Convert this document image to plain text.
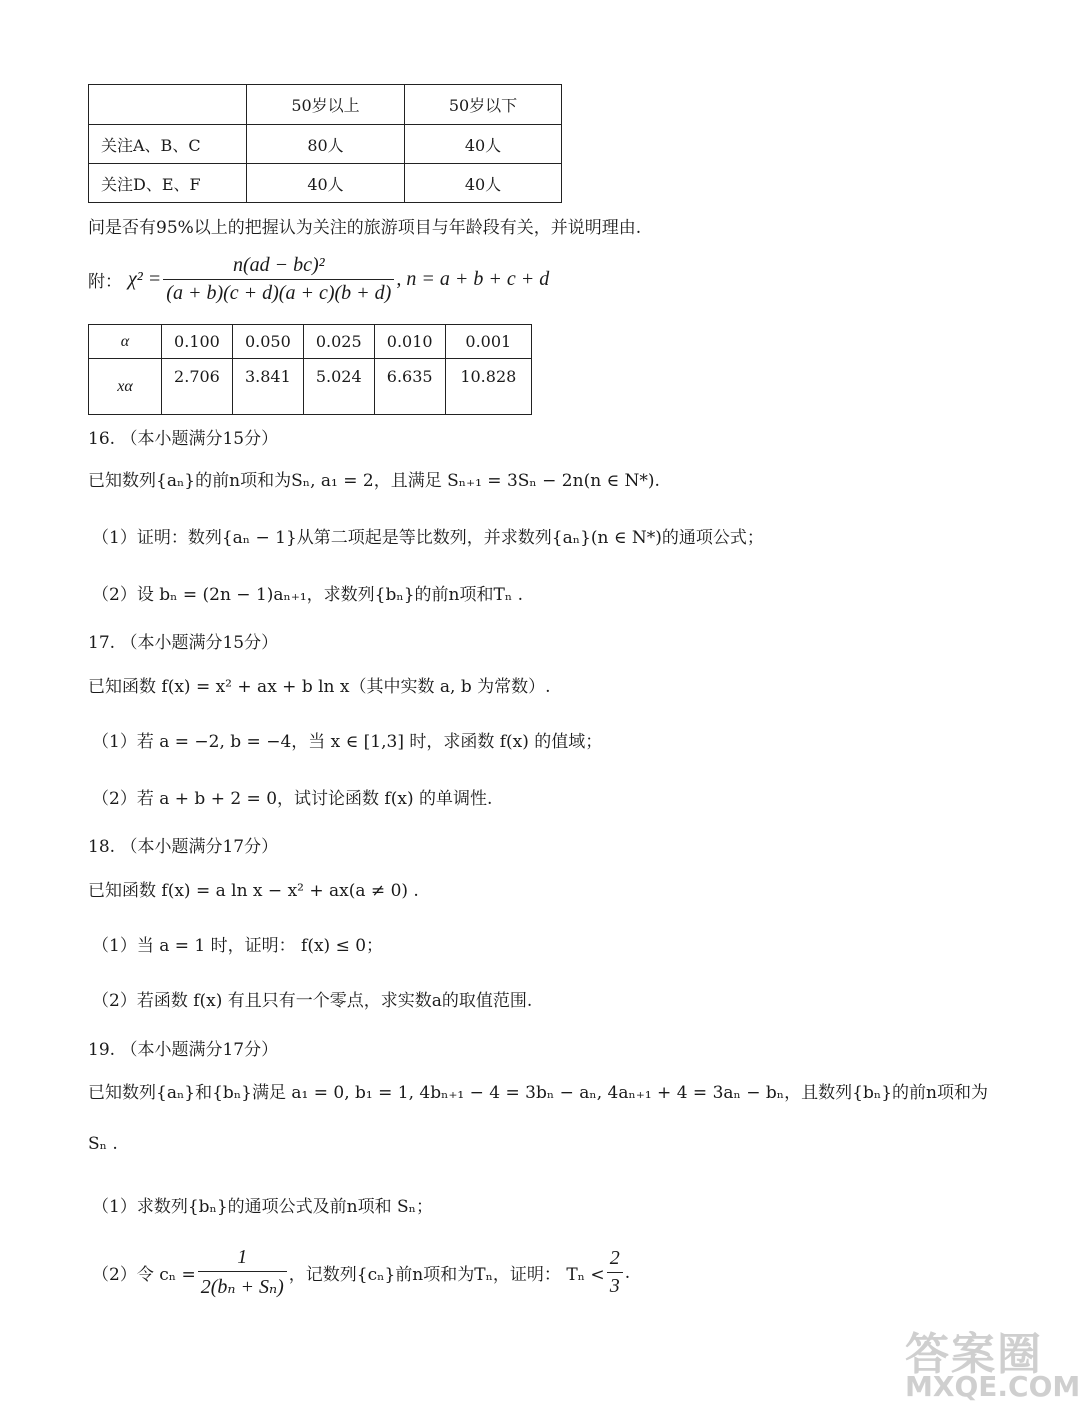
	50岁以上	50岁以下
关注A、B、C	80人	40人
关注D、E、F	40人	40人
问是否有95%以上的把握认为关注的旅游项目与年龄段有关，并说明理由.
附： $\chi^2 = \frac{\text{n(ad − bc)²}}{(a + b)(c + d)(a + c)(b + d)}$ , n = a + b + c + d
α	0.100	0.050	0.025	0.010	0.001
xα	2.706	3.841	5.024	6.635	10.828
16. （本小题满分15分）
已知数列{aₙ}的前n项和为Sₙ, a₁ = 2，且满足 Sₙ₊₁ = 3Sₙ − 2n(n ∈ N*).
（1）证明：数列{aₙ − 1}从第二项起是等比数列，并求数列{aₙ}(n ∈ N*)的通项公式；
（2）设 bₙ = (2n − 1)aₙ₊₁，求数列{bₙ}的前n项和Tₙ .
17. （本小题满分15分）
已知函数 f(x) = x² + ax + b ln x（其中实数 a, b 为常数）.
（1）若 a = −2, b = −4，当 x ∈ [1,3] 时，求函数 f(x) 的值域；
（2）若 a + b + 2 = 0，试讨论函数 f(x) 的单调性.
18. （本小题满分17分）
已知函数 f(x) = a ln x − x² + ax(a ≠ 0) .
（1）当 a = 1 时，证明： f(x) ≤ 0；
（2）若函数 f(x) 有且只有一个零点，求实数a的取值范围.
19. （本小题满分17分）
已知数列{aₙ}和{bₙ}满足 a₁ = 0, b₁ = 1, 4bₙ₊₁ − 4 = 3bₙ − aₙ, 4aₙ₊₁ + 4 = 3aₙ − bₙ，且数列{bₙ}的前n项和为
Sₙ .
（1）求数列{bₙ}的通项公式及前n项和 Sₙ；
（2）令 $c_n = \frac{1}{\text{2(bₙ + Sₙ)}}$ ，记数列{cₙ}前n项和为Tₙ，证明： $T_n < \frac{2}{3}$ .
答案圈
MXQE.COM
